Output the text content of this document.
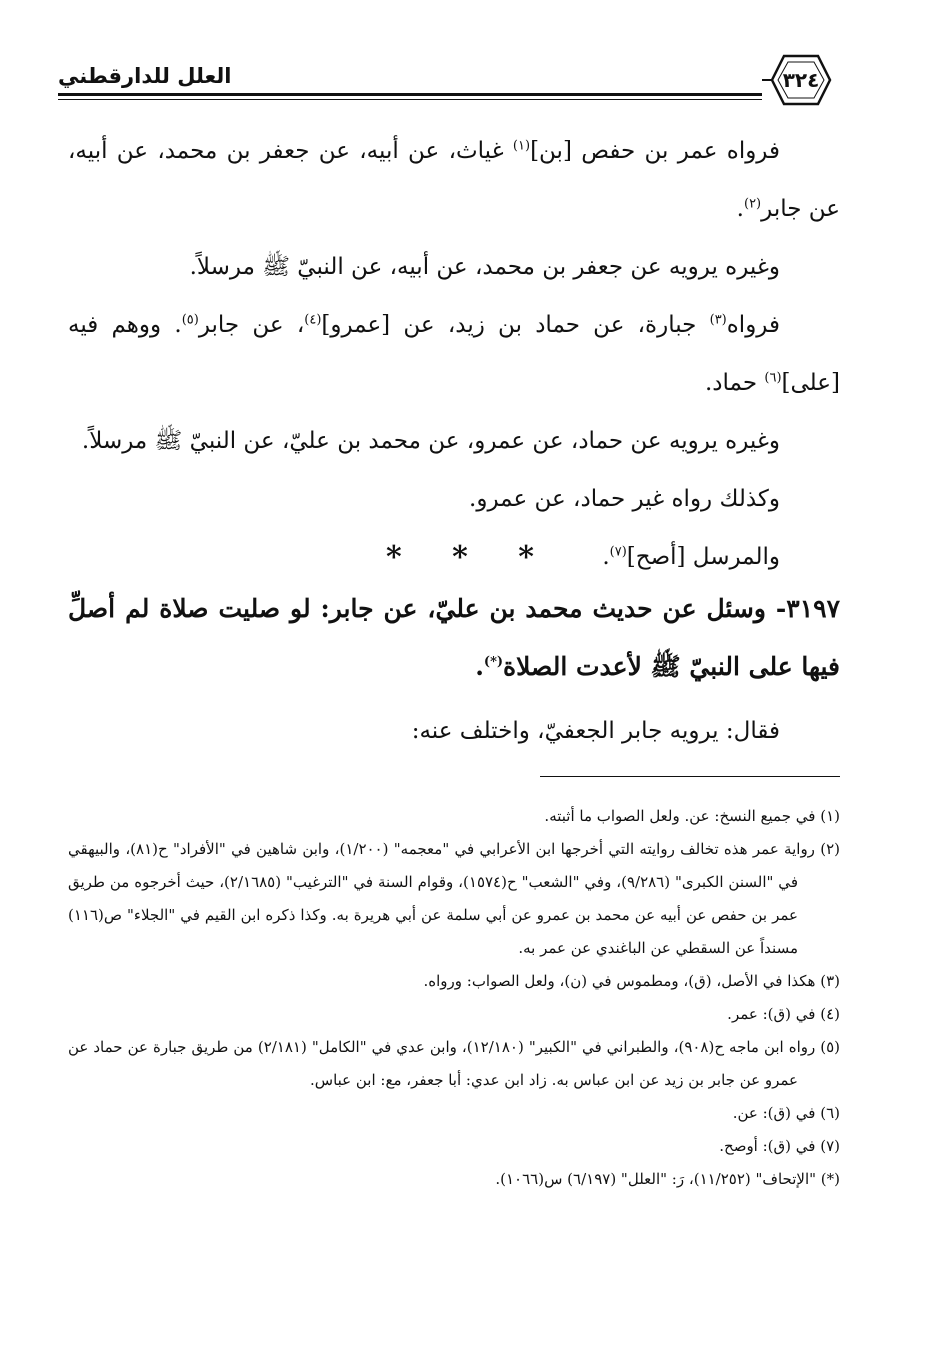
العلل للدارقطني	٣٢٤

فرواه عمر بن حفص [بن]$^{(١)}$ غياث، عن أبيه، عن جعفر بن محمد، عن أبيه، عن جابر$^{(٢)}$.

وغيره يرويه عن جعفر بن محمد، عن أبيه، عن النبيّ ﷺ مرسلاً.

فرواه$^{(٣)}$ جبارة، عن حماد بن زيد، عن [عمرو]$^{(٤)}$، عن جابر$^{(٥)}$. ووهم فيه [على]$^{(٦)}$ حماد.

وغيره يرويه عن حماد، عن عمرو، عن محمد بن عليّ، عن النبيّ ﷺ مرسلاً.

وكذلك رواه غير حماد، عن عمرو.

والمرسل [أصح]$^{(٧)}$.

* * *
٣١٩٧- وسئل عن حديث محمد بن عليّ، عن جابر: لو صليت صلاة لم أصلِّ فيها على النبيّ ﷺ لأعدت الصلاة(*).
فقال: يرويه جابر الجعفيّ، واختلف عنه:

(١) في جميع النسخ: عن. ولعل الصواب ما أثبته.

(٢) رواية عمر هذه تخالف روايته التي أخرجها ابن الأعرابي في "معجمه" (١/٢٠٠)، وابن شاهين في "الأفراد" ح(٨١)، والبيهقي في "السنن الكبرى" (٩/٢٨٦)، وفي "الشعب" ح(١٥٧٤)، وقوام السنة في "الترغيب" (٢/١٦٨٥)، حيث أخرجوه من طريق عمر بن حفص عن أبيه عن محمد بن عمرو عن أبي سلمة عن أبي هريرة به. وكذا ذكره ابن القيم في "الجلاء" ص(١١٦) مسنداً عن السقطي عن الباغندي عن عمر به.

(٣) هكذا في الأصل، (ق)، ومطموس في (ن)، ولعل الصواب: ورواه.

(٤) في (ق): عمر.

(٥) رواه ابن ماجه ح(٩٠٨)، والطبراني في "الكبير" (١٢/١٨٠)، وابن عدي في "الكامل" (٢/١٨١) من طريق جبارة عن حماد عن عمرو عن جابر بن زيد عن ابن عباس به. زاد ابن عدي: أبا جعفر، مع: ابن عباس.

(٦) في (ق): عن.

(٧) في (ق): أوصح.

(*) "الإتحاف" (١١/٢٥٢)، رَ: "العلل" (٦/١٩٧) س(١٠٦٦).
